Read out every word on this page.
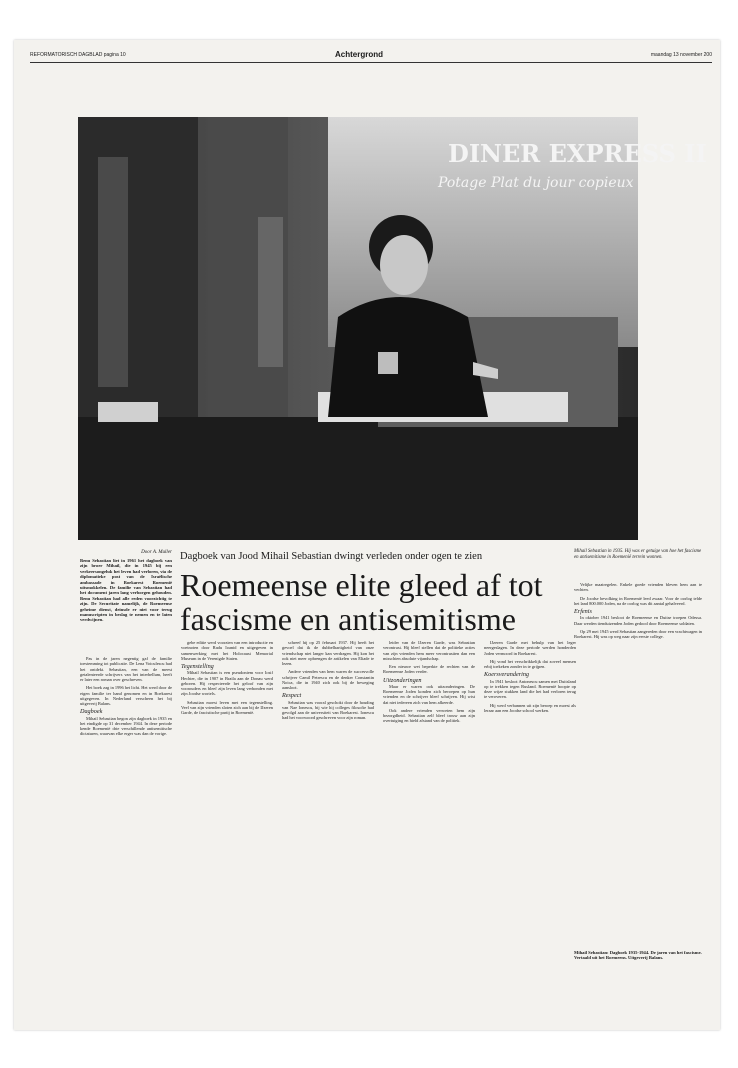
REFORMATORISCH DAGBLAD pagina 10	Achtergrond	maandag 13 november 200
DINER EXPRESS II
Potage Plat du jour copieux
Door A. Muller
Benu Sebastian liet in 1961 het dagboek van zijn broer Mihail, die in 1945 bij een verkeersongeluk het leven had verloren, via de diplomatieke post van de Israëlische ambassade in Boekarest Roemenië uitsmokkelen. De familie van Sebastian had het document jaren lang verborgen gehouden. Benu Sebastian had alle reden voorzichtig te zijn. De Securitate namelijk, de Roemeense geheime dienst, deinsde er niet voor terug manuscripten in beslag te nemen en te laten verdwijnen.
Dagboek van Jood Mihail Sebastian dwingt verleden onder ogen te zien
Roemeense elite gleed af tot
fascisme en antisemitisme
Mihail Sebastian in 1935. Hij was er getuige van hoe het fascisme en antisemitisme in Roemenië terrein wonnen.

Pas in de jaren negentig gaf de familie toestemming tot publicatie. De Lena Voiculescu had het ontdekt. Sebastian, een van de meest getalenteerde schrijvers van het interbellum, heeft er later een roman over geschreven.

Het boek zag in 1996 het licht. Het werd door de eigen familie ter hand genomen en in Boekarest uitgegeven. In Nederland verscheen het bij uitgeverij Balans.

Dagboek

Mihail Sebastian begon zijn dagboek in 1935 en het eindigde op 31 december 1944. In deze periode kende Roemenië drie verschillende antisemitische dictaturen, waarvan elke erger was dan de vorige.

gebe editie werd voorzien van een introductie en voetnoten door Radu Ioanid en uitgegeven in samenwerking met het Holocaust Memorial Museum in de Verenigde Staten.

Tegenstelling

Mihail Sebastian is een pseudoniem voor Iosif Hechter, die in 1907 in Braila aan de Donau werd geboren. Hij respecteerde het geloof van zijn voorouders en bleef zijn leven lang verbonden met zijn Joodse wortels.

Sebastian moest leven met een tegenstelling. Veel van zijn vrienden sloten zich aan bij de IJzeren Garde, de fascistische partij in Roemenië.

schreef hij op 25 februari 1937. Hij heeft het gevoel dat ik de dubbelhartigheid van onze vriendschap niet langer kan verdragen. Hij kon het ook niet meer opbrengen de artikelen van Eliade te lezen.

Andere vrienden van hem waren de succesvolle schrijver Camil Petrescu en de denker Constantin Noica, die in 1940 zich ook bij de beweging aansloot.

Respect

Sebastian was vooral geschokt door de houding van Nae Ionescu, bij wie hij colleges filosofie had gevolgd aan de universiteit van Boekarest. Ionescu had het voorwoord geschreven voor zijn roman.

leider van de IJzeren Garde, was Sebastian verontrust. Hij bleef stellen dat de politieke acties van zijn vrienden hem meer verontrustten dan een misschien absolute vijandschap.

Een nieuwe wet beperkte de rechten van de Roemeense Joden verder.

Uitzonderingen

Maar er waren ook uitzonderingen. De Roemeense Joden konden zich beroepen op hun vrienden en de schrijver bleef schrijven. Hij wist dat niet iedereen zich van hem afkeerde.

Ook andere vrienden verweten hem zijn bezorgdheid. Sebastian zelf bleef trouw aan zijn overtuiging en hield afstand van de politiek.

IJzeren Garde met behulp van het leger neergeslagen. In deze periode werden honderden Joden vermoord in Boekarest.

Hij vond het verschrikkelijk dat zoveel mensen erbij toekeken zonder in te grijpen.

Koersverandering

In 1941 besloot Antonescu samen met Duitsland op te trekken tegen Rusland. Roemenië hoopte op deze wijze stukken land die het had verloren terug te veroveren.

Hij werd verbannen uit zijn beroep en moest als leraar aan een Joodse school werken.

Velijke maatregelen. Enkele goede vrienden bleven hem aan te vechten.

De Joodse bevolking in Roemenië leed zwaar. Voor de oorlog telde het land 800.000 Joden, na de oorlog was dit aantal gehalveerd.

Erfenis

In oktober 1941 besloot de Roemeense en Duitse troepen Odessa. Daar werden tienduizenden Joden gedood door Roemeense soldaten.

Op 29 mei 1945 werd Sebastian aangereden door een vrachtwagen in Boekarest. Hij was op weg naar zijn eerste college.

Mihail Sebastian: Dagboek 1935-1944. De jaren van het fascisme. Vertaald uit het Roemeens. Uitgeverij Balans.
